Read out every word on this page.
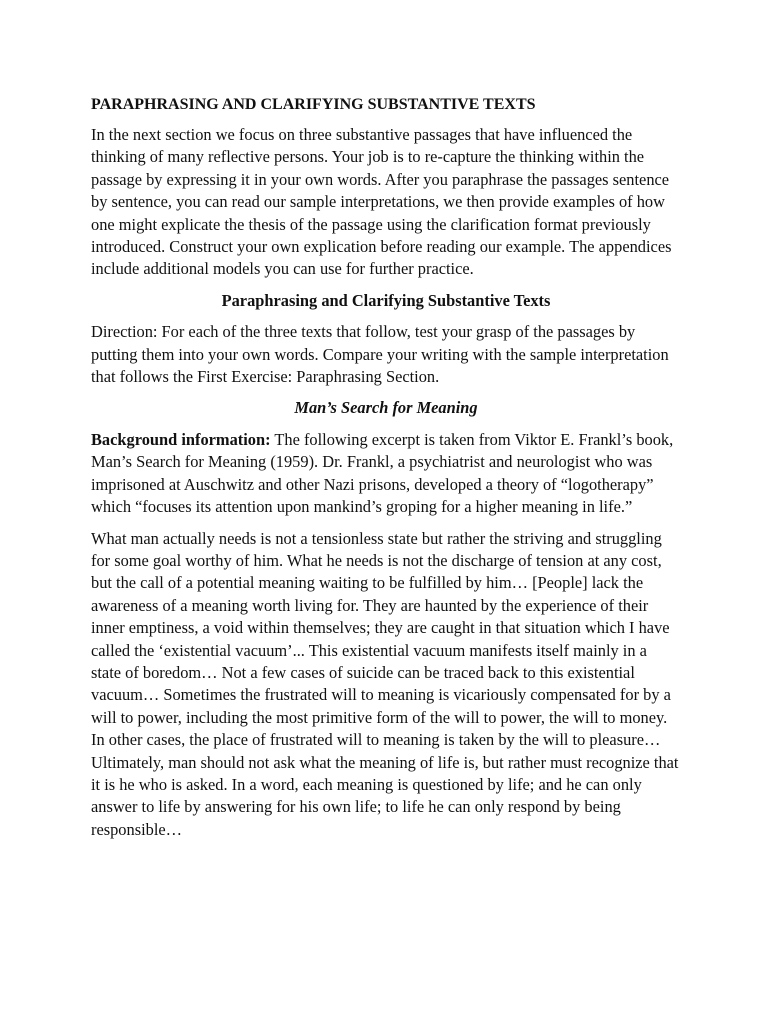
PARAPHRASING AND CLARIFYING SUBSTANTIVE TEXTS

In the next section we focus on three substantive passages that have influenced the thinking of many reflective persons. Your job is to re-capture the thinking within the passage by expressing it in your own words. After you paraphrase the passages sentence by sentence, you can read our sample interpretations, we then provide examples of how one might explicate the thesis of the passage using the clarification format previously introduced. Construct your own explication before reading our example. The appendices include additional models you can use for further practice.

Paraphrasing and Clarifying Substantive Texts

Direction: For each of the three texts that follow, test your grasp of the passages by putting them into your own words. Compare your writing with the sample interpretation that follows the First Exercise: Paraphrasing Section.

Man’s Search for Meaning

Background information: The following excerpt is taken from Viktor E. Frankl’s book, Man’s Search for Meaning (1959). Dr. Frankl, a psychiatrist and neurologist who was imprisoned at Auschwitz and other Nazi prisons, developed a theory of “logotherapy” which “focuses its attention upon mankind’s groping for a higher meaning in life.”

What man actually needs is not a tensionless state but rather the striving and struggling for some goal worthy of him. What he needs is not the discharge of tension at any cost, but the call of a potential meaning waiting to be fulfilled by him… [People] lack the awareness of a meaning worth living for. They are haunted by the experience of their inner emptiness, a void within themselves; they are caught in that situation which I have called the ‘existential vacuum’... This existential vacuum manifests itself mainly in a state of boredom… Not a few cases of suicide can be traced back to this existential vacuum… Sometimes the frustrated will to meaning is vicariously compensated for by a will to power, including the most primitive form of the will to power, the will to money. In other cases, the place of frustrated will to meaning is taken by the will to pleasure… Ultimately, man should not ask what the meaning of life is, but rather must recognize that it is he who is asked. In a word, each meaning is questioned by life; and he can only answer to life by answering for his own life; to life he can only respond by being responsible…
